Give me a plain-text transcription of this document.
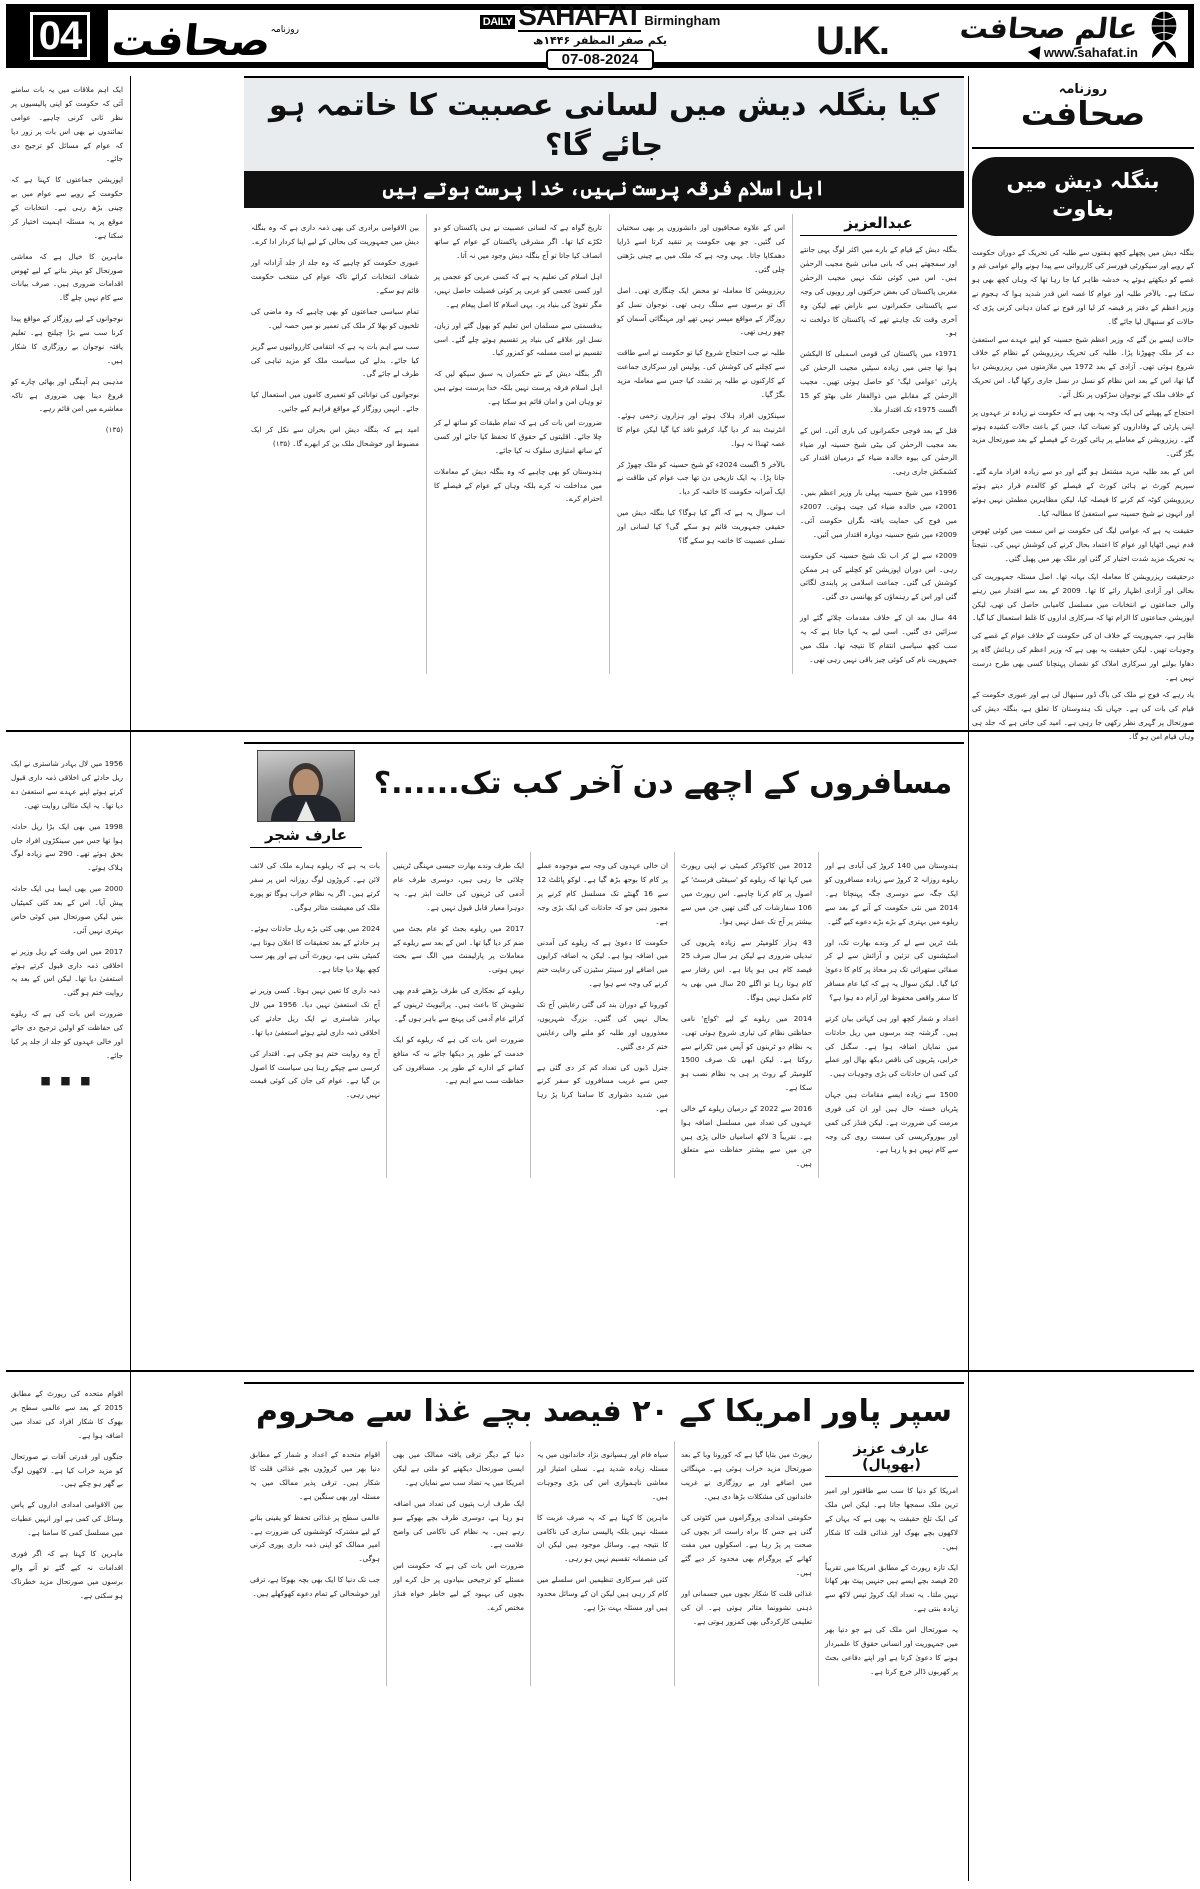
04 صحافت
روزنامہ
DAILY SAHAFAT Birmingham
یکم صفر المظفر ۱۴۴۶ھ
07-08-2024	U.K.	عالمِ صحافت
www.sahafat.in
روزنامہ
صحافت
بنگلہ دیش میں بغاوت

بنگلہ دیش میں پچھلے کچھ ہفتوں سے طلبہ کی تحریک کے دوران حکومت کے رویے اور سیکورٹی فورسز کی کارروائی سے پیدا ہونے والے عوامی غم و غصے کو دیکھتے ہوئے یہ خدشہ ظاہر کیا جا رہا تھا کہ وہاں کچھ بھی ہو سکتا ہے۔ بالآخر طلبہ اور عوام کا غصہ اس قدر شدید ہوا کہ ہجوم نے وزیر اعظم کے دفتر پر قبضہ کر لیا اور فوج نے کمان دہانی کرنی پڑی کہ حالات کو سنبھال لیا جائے گا۔

حالات ایسے بن گئے کہ وزیر اعظم شیخ حسینہ کو اپنے عہدے سے استعفیٰ دے کر ملک چھوڑنا پڑا۔ طلبہ کی تحریک ریزرویشن کے نظام کے خلاف شروع ہوئی تھی۔ آزادی کے بعد 1972 میں ملازمتوں میں ریزرویشن دیا گیا تھا، اس کے بعد اس نظام کو نسل در نسل جاری رکھا گیا۔ اس تحریک کے خلاف ملک کے نوجوان سڑکوں پر نکل آئے۔

احتجاج کے پھیلنے کی ایک وجہ یہ بھی ہے کہ حکومت نے زیادہ تر عہدوں پر اپنی پارٹی کے وفاداروں کو تعینات کیا، جس کے باعث حالات کشیدہ ہوتے گئے۔ ریزرویشن کے معاملے پر ہائی کورٹ کے فیصلے کے بعد صورتحال مزید بگڑ گئی۔

اس کے بعد طلبہ مزید مشتعل ہو گئے اور دو سے زیادہ افراد مارے گئے۔ سپریم کورٹ نے ہائی کورٹ کے فیصلے کو کالعدم قرار دیتے ہوئے ریزرویشن کوٹہ کم کرنے کا فیصلہ کیا، لیکن مظاہرین مطمئن نہیں ہوئے اور انہوں نے شیخ حسینہ سے استعفیٰ کا مطالبہ کیا۔

حقیقت یہ ہے کہ عوامی لیگ کی حکومت نے اس سمت میں کوئی ٹھوس قدم نہیں اٹھایا اور عوام کا اعتماد بحال کرنے کی کوشش نہیں کی۔ نتیجتاً یہ تحریک مزید شدت اختیار کر گئی اور ملک بھر میں پھیل گئی۔

درحقیقت ریزرویشن کا معاملہ ایک بہانہ تھا۔ اصل مسئلہ جمہوریت کی بحالی اور آزادی اظہار رائے کا تھا۔ 2009 کے بعد سے اقتدار میں رہنے والی جماعتوں نے انتخابات میں مسلسل کامیابی حاصل کی تھی، لیکن اپوزیشن جماعتوں کا الزام تھا کہ سرکاری اداروں کا غلط استعمال کیا گیا۔

ظاہر ہے، جمہوریت کے خلاف ان کی حکومت کے خلاف عوام کے غصے کی وجوہات تھیں۔ لیکن حقیقت یہ بھی ہے کہ وزیر اعظم کی رہائش گاہ پر دھاوا بولنے اور سرکاری املاک کو نقصان پہنچانا کسی بھی طرح درست نہیں ہے۔

یاد رہے کہ فوج نے ملک کی باگ ڈور سنبھال لی ہے اور عبوری حکومت کے قیام کی بات کی ہے۔ جہاں تک ہندوستان کا تعلق ہے، بنگلہ دیش کی صورتحال پر گہری نظر رکھی جا رہی ہے۔ امید کی جاتی ہے کہ جلد ہی وہاں قیام امن ہو گا۔

کیا بنگلہ دیش میں لسانی عصبیت کا خاتمہ ہو جائے گا؟
اہل اسلام فرقہ پرست نہیں، خدا پرست ہوتے ہیں
عبدالعزیز

بنگلہ دیش کے قیام کے بارے میں اکثر لوگ یہی جانتے اور سمجھتے ہیں کہ بانی مبانی شیخ مجیب الرحمٰن ہیں۔ اس میں کوئی شک نہیں مجیب الرحمٰن مغربی پاکستان کی بعض حرکتوں اور رویوں کی وجہ سے پاکستانی حکمرانوں سے ناراض تھے لیکن وہ آخری وقت تک چاہتے تھے کہ پاکستان کا دولخت نہ ہو۔

1971ء میں پاکستان کی قومی اسمبلی کا الیکشن ہوا تھا جس میں زیادہ سیٹیں مجیب الرحمٰن کی پارٹی 'عوامی لیگ' کو حاصل ہوئی تھیں۔ مجیب الرحمٰن کے مقابلے میں ذوالفقار علی بھٹو کو 15 اگست 1975ء تک اقتدار ملا۔

قتل کے بعد فوجی حکمرانوں کی باری آئی۔ اس کے بعد مجیب الرحمٰن کی بیٹی شیخ حسینہ اور ضیاء الرحمٰن کی بیوہ خالدہ ضیاء کے درمیان اقتدار کی کشمکش جاری رہی۔

1996ء میں شیخ حسینہ پہلی بار وزیر اعظم بنیں۔ 2001ء میں خالدہ ضیاء کی جیت ہوئی۔ 2007ء میں فوج کی حمایت یافتہ نگراں حکومت آئی۔ 2009ء میں شیخ حسینہ دوبارہ اقتدار میں آئیں۔

2009ء سے لے کر اب تک شیخ حسینہ کی حکومت رہی۔ اس دوران اپوزیشن کو کچلنے کی ہر ممکن کوشش کی گئی۔ جماعت اسلامی پر پابندی لگائی گئی اور اس کے رہنماؤں کو پھانسی دی گئی۔

44 سال بعد ان کے خلاف مقدمات چلائے گئے اور سزائیں دی گئیں۔ اسی لیے یہ کہا جاتا ہے کہ یہ سب کچھ سیاسی انتقام کا نتیجہ تھا۔ ملک میں جمہوریت نام کی کوئی چیز باقی نہیں رہی تھی۔

اس کے علاوہ صحافیوں اور دانشوروں پر بھی سختیاں کی گئیں۔ جو بھی حکومت پر تنقید کرتا اسے ڈرایا دھمکایا جاتا۔ یہی وجہ ہے کہ ملک میں بے چینی بڑھتی چلی گئی۔

ریزرویشن کا معاملہ تو محض ایک چنگاری تھی۔ اصل آگ تو برسوں سے سلگ رہی تھی۔ نوجوان نسل کو روزگار کے مواقع میسر نہیں تھے اور مہنگائی آسمان کو چھو رہی تھی۔

طلبہ نے جب احتجاج شروع کیا تو حکومت نے اسے طاقت سے کچلنے کی کوشش کی۔ پولیس اور سرکاری جماعت کے کارکنوں نے طلبہ پر تشدد کیا جس سے معاملہ مزید بگڑ گیا۔

سینکڑوں افراد ہلاک ہوئے اور ہزاروں زخمی ہوئے۔ انٹرنیٹ بند کر دیا گیا، کرفیو نافذ کیا گیا لیکن عوام کا غصہ ٹھنڈا نہ ہوا۔

بالآخر 5 اگست 2024ء کو شیخ حسینہ کو ملک چھوڑ کر جانا پڑا۔ یہ ایک تاریخی دن تھا جب عوام کی طاقت نے ایک آمرانہ حکومت کا خاتمہ کر دیا۔

اب سوال یہ ہے کہ آگے کیا ہوگا؟ کیا بنگلہ دیش میں حقیقی جمہوریت قائم ہو سکے گی؟ کیا لسانی اور نسلی عصبیت کا خاتمہ ہو سکے گا؟

تاریخ گواہ ہے کہ لسانی عصبیت نے ہی پاکستان کو دو ٹکڑے کیا تھا۔ اگر مشرقی پاکستان کے عوام کے ساتھ انصاف کیا جاتا تو آج بنگلہ دیش وجود میں نہ آتا۔

اہل اسلام کی تعلیم یہ ہے کہ کسی عربی کو عجمی پر اور کسی عجمی کو عربی پر کوئی فضیلت حاصل نہیں، مگر تقویٰ کی بنیاد پر۔ یہی اسلام کا اصل پیغام ہے۔

بدقسمتی سے مسلمان اس تعلیم کو بھول گئے اور زبان، نسل اور علاقے کی بنیاد پر تقسیم ہوتے چلے گئے۔ اسی تقسیم نے امت مسلمہ کو کمزور کیا۔

اگر بنگلہ دیش کے نئے حکمران یہ سبق سیکھ لیں کہ اہل اسلام فرقہ پرست نہیں بلکہ خدا پرست ہوتے ہیں تو وہاں امن و امان قائم ہو سکتا ہے۔

ضرورت اس بات کی ہے کہ تمام طبقات کو ساتھ لے کر چلا جائے۔ اقلیتوں کے حقوق کا تحفظ کیا جائے اور کسی کے ساتھ امتیازی سلوک نہ کیا جائے۔

ہندوستان کو بھی چاہیے کہ وہ بنگلہ دیش کے معاملات میں مداخلت نہ کرے بلکہ وہاں کے عوام کے فیصلے کا احترام کرے۔

بین الاقوامی برادری کی بھی ذمہ داری ہے کہ وہ بنگلہ دیش میں جمہوریت کی بحالی کے لیے اپنا کردار ادا کرے۔

عبوری حکومت کو چاہیے کہ وہ جلد از جلد آزادانہ اور شفاف انتخابات کرائے تاکہ عوام کی منتخب حکومت قائم ہو سکے۔

تمام سیاسی جماعتوں کو بھی چاہیے کہ وہ ماضی کی تلخیوں کو بھلا کر ملک کی تعمیر نو میں حصہ لیں۔

سب سے اہم بات یہ ہے کہ انتقامی کارروائیوں سے گریز کیا جائے۔ بدلے کی سیاست ملک کو مزید تباہی کی طرف لے جائے گی۔

نوجوانوں کی توانائی کو تعمیری کاموں میں استعمال کیا جائے۔ انہیں روزگار کے مواقع فراہم کیے جائیں۔

امید ہے کہ بنگلہ دیش اس بحران سے نکل کر ایک مضبوط اور خوشحال ملک بن کر ابھرے گا۔ (۱۳۵)

ایک اہم ملاقات میں یہ بات سامنے آئی کہ حکومت کو اپنی پالیسیوں پر نظر ثانی کرنی چاہیے۔ عوامی نمائندوں نے بھی اس بات پر زور دیا کہ عوام کے مسائل کو ترجیح دی جائے۔

اپوزیشن جماعتوں کا کہنا ہے کہ حکومت کے رویے سے عوام میں بے چینی بڑھ رہی ہے۔ انتخابات کے موقع پر یہ مسئلہ اہمیت اختیار کر سکتا ہے۔

ماہرین کا خیال ہے کہ معاشی صورتحال کو بہتر بنانے کے لیے ٹھوس اقدامات ضروری ہیں۔ صرف بیانات سے کام نہیں چلے گا۔

نوجوانوں کے لیے روزگار کے مواقع پیدا کرنا سب سے بڑا چیلنج ہے۔ تعلیم یافتہ نوجوان بے روزگاری کا شکار ہیں۔

مذہبی ہم آہنگی اور بھائی چارے کو فروغ دینا بھی ضروری ہے تاکہ معاشرے میں امن قائم رہے۔

(۱۳۵)

مسافروں کے اچھے دن آخر کب تک......؟
عارف شجر

ہندوستان میں 140 کروڑ کی آبادی ہے اور ریلوے روزانہ 2 کروڑ سے زیادہ مسافروں کو ایک جگہ سے دوسری جگہ پہنچاتا ہے۔ 2014 میں نئی حکومت کے آنے کے بعد سے ریلوے میں بہتری کے بڑے بڑے دعوے کیے گئے۔

بلٹ ٹرین سے لے کر وندے بھارت تک، اور اسٹیشنوں کی تزئین و آرائش سے لے کر صفائی ستھرائی تک ہر محاذ پر کام کا دعویٰ کیا گیا۔ لیکن سوال یہ ہے کہ کیا عام مسافر کا سفر واقعی محفوظ اور آرام دہ ہوا ہے؟

اعداد و شمار کچھ اور ہی کہانی بیان کرتے ہیں۔ گزشتہ چند برسوں میں ریل حادثات میں نمایاں اضافہ ہوا ہے۔ سگنل کی خرابی، پٹریوں کی ناقص دیکھ بھال اور عملے کی کمی ان حادثات کی بڑی وجوہات ہیں۔

1500 سے زیادہ ایسے مقامات ہیں جہاں پٹریاں خستہ حال ہیں اور ان کی فوری مرمت کی ضرورت ہے۔ لیکن فنڈز کی کمی اور بیوروکریسی کی سست روی کی وجہ سے کام نہیں ہو پا رہا ہے۔

2012 میں کاکوڈکر کمیٹی نے اپنی رپورٹ میں کہا تھا کہ ریلوے کو 'سیفٹی فرسٹ' کے اصول پر کام کرنا چاہیے۔ اس رپورٹ میں 106 سفارشات کی گئی تھیں جن میں سے بیشتر پر آج تک عمل نہیں ہوا۔

43 ہزار کلومیٹر سے زیادہ پٹریوں کی تبدیلی ضروری ہے لیکن ہر سال صرف 25 فیصد کام ہی ہو پاتا ہے۔ اس رفتار سے کام ہوتا رہا تو اگلے 20 سال میں بھی یہ کام مکمل نہیں ہوگا۔

2014 میں ریلوے کے لیے 'کواچ' نامی حفاظتی نظام کی تیاری شروع ہوئی تھی۔ یہ نظام دو ٹرینوں کو آپس میں ٹکرانے سے روکتا ہے۔ لیکن ابھی تک صرف 1500 کلومیٹر کے روٹ پر ہی یہ نظام نصب ہو سکا ہے۔

2016 سے 2022 کے درمیان ریلوے کے خالی عہدوں کی تعداد میں مسلسل اضافہ ہوا ہے۔ تقریباً 3 لاکھ اسامیاں خالی پڑی ہیں جن میں سے بیشتر حفاظت سے متعلق ہیں۔

ان خالی عہدوں کی وجہ سے موجودہ عملے پر کام کا بوجھ بڑھ گیا ہے۔ لوکو پائلٹ 12 سے 16 گھنٹے تک مسلسل کام کرنے پر مجبور ہیں جو کہ حادثات کی ایک بڑی وجہ ہے۔

حکومت کا دعویٰ ہے کہ ریلوے کی آمدنی میں اضافہ ہوا ہے۔ لیکن یہ اضافہ کرایوں میں اضافے اور سینئر سٹیزن کی رعایت ختم کرنے کی وجہ سے ہوا ہے۔

کورونا کے دوران بند کی گئی رعایتیں آج تک بحال نہیں کی گئیں۔ بزرگ شہریوں، معذوروں اور طلبہ کو ملنے والی رعایتیں ختم کر دی گئیں۔

جنرل ڈبوں کی تعداد کم کر دی گئی ہے جس سے غریب مسافروں کو سفر کرنے میں شدید دشواری کا سامنا کرنا پڑ رہا ہے۔

ایک طرف وندے بھارت جیسی مہنگی ٹرینیں چلائی جا رہی ہیں، دوسری طرف عام آدمی کی ٹرینوں کی حالت ابتر ہے۔ یہ دوہرا معیار قابل قبول نہیں ہے۔

2017 میں ریلوے بجٹ کو عام بجٹ میں ضم کر دیا گیا تھا۔ اس کے بعد سے ریلوے کے معاملات پر پارلیمنٹ میں الگ سے بحث نہیں ہوتی۔

ریلوے کے نجکاری کی طرف بڑھتے قدم بھی تشویش کا باعث ہیں۔ پرائیویٹ ٹرینوں کے کرائے عام آدمی کی پہنچ سے باہر ہوں گے۔

ضرورت اس بات کی ہے کہ ریلوے کو ایک خدمت کے طور پر دیکھا جائے نہ کہ منافع کمانے کے ادارے کے طور پر۔ مسافروں کی حفاظت سب سے اہم ہے۔

بات یہ ہے کہ ریلوے ہمارے ملک کی لائف لائن ہے۔ کروڑوں لوگ روزانہ اس پر سفر کرتے ہیں۔ اگر یہ نظام خراب ہوگا تو پورے ملک کی معیشت متاثر ہوگی۔

2024 میں بھی کئی بڑے ریل حادثات ہوئے۔ ہر حادثے کے بعد تحقیقات کا اعلان ہوتا ہے، کمیٹی بنتی ہے، رپورٹ آتی ہے اور پھر سب کچھ بھلا دیا جاتا ہے۔

ذمہ داری کا تعین نہیں ہوتا۔ کسی وزیر نے آج تک استعفیٰ نہیں دیا۔ 1956 میں لال بہادر شاستری نے ایک ریل حادثے کی اخلاقی ذمہ داری لیتے ہوئے استعفیٰ دیا تھا۔

آج وہ روایت ختم ہو چکی ہے۔ اقتدار کی کرسی سے چپکے رہنا ہی سیاست کا اصول بن گیا ہے۔ عوام کی جان کی کوئی قیمت نہیں رہی۔

1956 میں لال بہادر شاستری نے ایک ریل حادثے کی اخلاقی ذمہ داری قبول کرتے ہوئے اپنے عہدے سے استعفیٰ دے دیا تھا۔ یہ ایک مثالی روایت تھی۔

1998 میں بھی ایک بڑا ریل حادثہ ہوا تھا جس میں سینکڑوں افراد جاں بحق ہوئے تھے۔ 290 سے زیادہ لوگ ہلاک ہوئے۔

2000 میں بھی ایسا ہی ایک حادثہ پیش آیا۔ اس کے بعد کئی کمیٹیاں بنیں لیکن صورتحال میں کوئی خاص بہتری نہیں آئی۔

2017 میں اس وقت کے ریل وزیر نے اخلاقی ذمہ داری قبول کرتے ہوئے استعفیٰ دیا تھا۔ لیکن اس کے بعد یہ روایت ختم ہو گئی۔

ضرورت اس بات کی ہے کہ ریلوے کی حفاظت کو اولین ترجیح دی جائے اور خالی عہدوں کو جلد از جلد پر کیا جائے۔

■ ■ ■
سپر پاور امریکا کے ۲۰ فیصد بچے غذا سے محروم
عارف عزیز (بھوپال)

امریکا کو دنیا کا سب سے طاقتور اور امیر ترین ملک سمجھا جاتا ہے۔ لیکن اس ملک کی ایک تلخ حقیقت یہ بھی ہے کہ یہاں کے لاکھوں بچے بھوک اور غذائی قلت کا شکار ہیں۔

ایک تازہ رپورٹ کے مطابق امریکا میں تقریباً 20 فیصد بچے ایسے ہیں جنہیں پیٹ بھر کھانا نہیں ملتا۔ یہ تعداد ایک کروڑ تیس لاکھ سے زیادہ بنتی ہے۔

یہ صورتحال اس ملک کی ہے جو دنیا بھر میں جمہوریت اور انسانی حقوق کا علمبردار ہونے کا دعویٰ کرتا ہے اور اپنے دفاعی بجٹ پر کھربوں ڈالر خرچ کرتا ہے۔

رپورٹ میں بتایا گیا ہے کہ کورونا وبا کے بعد صورتحال مزید خراب ہوئی ہے۔ مہنگائی میں اضافے اور بے روزگاری نے غریب خاندانوں کی مشکلات بڑھا دی ہیں۔

حکومتی امدادی پروگراموں میں کٹوتی کی گئی ہے جس کا براہ راست اثر بچوں کی صحت پر پڑ رہا ہے۔ اسکولوں میں مفت کھانے کے پروگرام بھی محدود کر دیے گئے ہیں۔

غذائی قلت کا شکار بچوں میں جسمانی اور ذہنی نشوونما متاثر ہوتی ہے۔ ان کی تعلیمی کارکردگی بھی کمزور ہوتی ہے۔

سیاہ فام اور ہسپانوی نژاد خاندانوں میں یہ مسئلہ زیادہ شدید ہے۔ نسلی امتیاز اور معاشی ناہمواری اس کی بڑی وجوہات ہیں۔

ماہرین کا کہنا ہے کہ یہ صرف غربت کا مسئلہ نہیں بلکہ پالیسی سازی کی ناکامی کا نتیجہ ہے۔ وسائل موجود ہیں لیکن ان کی منصفانہ تقسیم نہیں ہو رہی۔

کئی غیر سرکاری تنظیمیں اس سلسلے میں کام کر رہی ہیں لیکن ان کے وسائل محدود ہیں اور مسئلہ بہت بڑا ہے۔

دنیا کے دیگر ترقی یافتہ ممالک میں بھی ایسی صورتحال دیکھنے کو ملتی ہے لیکن امریکا میں یہ تضاد سب سے نمایاں ہے۔

ایک طرف ارب پتیوں کی تعداد میں اضافہ ہو رہا ہے، دوسری طرف بچے بھوکے سو رہے ہیں۔ یہ نظام کی ناکامی کی واضح علامت ہے۔

ضرورت اس بات کی ہے کہ حکومت اس مسئلے کو ترجیحی بنیادوں پر حل کرے اور بچوں کی بہبود کے لیے خاطر خواہ فنڈز مختص کرے۔

اقوام متحدہ کے اعداد و شمار کے مطابق دنیا بھر میں کروڑوں بچے غذائی قلت کا شکار ہیں۔ ترقی پذیر ممالک میں یہ مسئلہ اور بھی سنگین ہے۔

عالمی سطح پر غذائی تحفظ کو یقینی بنانے کے لیے مشترکہ کوششوں کی ضرورت ہے۔ امیر ممالک کو اپنی ذمہ داری پوری کرنی ہوگی۔

جب تک دنیا کا ایک بھی بچہ بھوکا ہے، ترقی اور خوشحالی کے تمام دعوے کھوکھلے ہیں۔

اقوام متحدہ کی رپورٹ کے مطابق 2015 کے بعد سے عالمی سطح پر بھوک کا شکار افراد کی تعداد میں اضافہ ہوا ہے۔

جنگوں اور قدرتی آفات نے صورتحال کو مزید خراب کیا ہے۔ لاکھوں لوگ بے گھر ہو چکے ہیں۔

بین الاقوامی امدادی اداروں کے پاس وسائل کی کمی ہے اور انہیں عطیات میں مسلسل کمی کا سامنا ہے۔

ماہرین کا کہنا ہے کہ اگر فوری اقدامات نہ کیے گئے تو آنے والے برسوں میں صورتحال مزید خطرناک ہو سکتی ہے۔
